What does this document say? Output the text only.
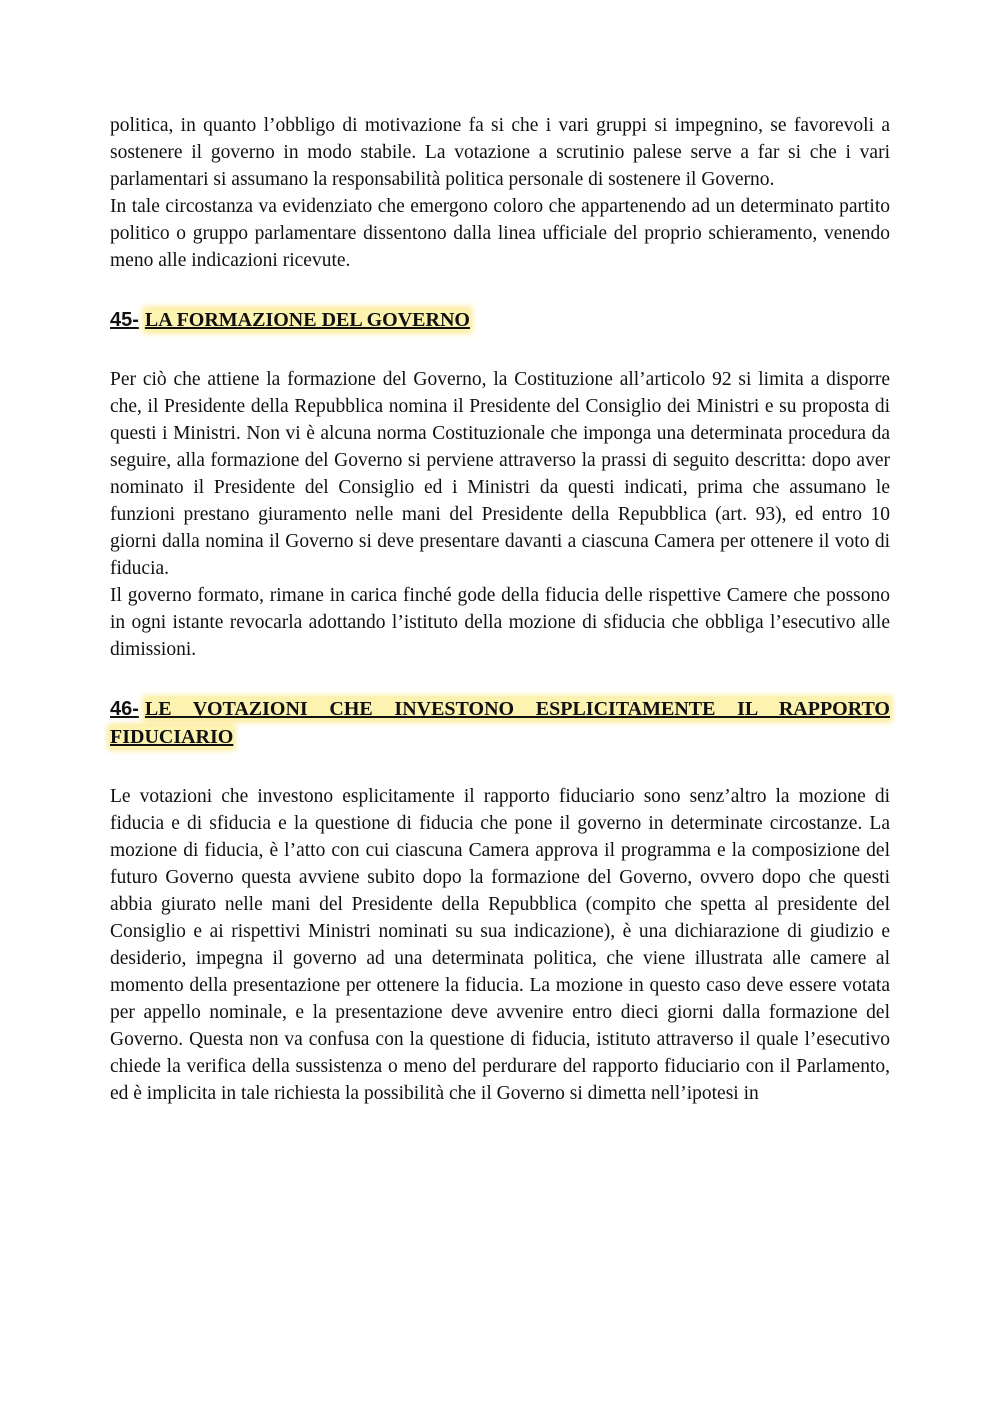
politica, in quanto l’obbligo di motivazione fa si che i vari gruppi si impegnino, se favorevoli a sostenere il governo in modo stabile. La votazione a scrutinio palese serve a far si che i vari parlamentari si assumano la responsabilità politica personale di sostenere il Governo.

In tale circostanza va evidenziato che emergono coloro che appartenendo ad un determinato partito politico o gruppo parlamentare dissentono dalla linea ufficiale del proprio schieramento, venendo meno alle indicazioni ricevute.

45- LA FORMAZIONE DEL GOVERNO

Per ciò che attiene la formazione del Governo, la Costituzione all’articolo 92 si limita a disporre che, il Presidente della Repubblica nomina il Presidente del Consiglio dei Ministri e su proposta di questi i Ministri. Non vi è alcuna norma Costituzionale che imponga una determinata procedura da seguire, alla formazione del Governo si perviene attraverso la prassi di seguito descritta: dopo aver nominato il Presidente del Consiglio ed i Ministri da questi indicati, prima che assumano le funzioni prestano giuramento nelle mani del Presidente della Repubblica (art. 93), ed entro 10 giorni dalla nomina il Governo si deve presentare davanti a ciascuna Camera per ottenere il voto di fiducia.

Il governo formato, rimane in carica finché gode della fiducia delle rispettive Camere che possono in ogni istante revocarla adottando l’istituto della mozione di sfiducia che obbliga l’esecutivo alle dimissioni.

46- LE VOTAZIONI CHE INVESTONO ESPLICITAMENTE IL RAPPORTO FIDUCIARIO

Le votazioni che investono esplicitamente il rapporto fiduciario sono senz’altro la mozione di fiducia e di sfiducia e la questione di fiducia che pone il governo in determinate circostanze. La mozione di fiducia, è l’atto con cui ciascuna Camera approva il programma e la composizione del futuro Governo questa avviene subito dopo la formazione del Governo, ovvero dopo che questi abbia giurato nelle mani del Presidente della Repubblica (compito che spetta al presidente del Consiglio e ai rispettivi Ministri nominati su sua indicazione), è una dichiarazione di giudizio e desiderio, impegna il governo ad una determinata politica, che viene illustrata alle camere al momento della presentazione per ottenere la fiducia. La mozione in questo caso deve essere votata per appello nominale, e la presentazione deve avvenire entro dieci giorni dalla formazione del Governo. Questa non va confusa con la questione di fiducia, istituto attraverso il quale l’esecutivo chiede la verifica della sussistenza o meno del perdurare del rapporto fiduciario con il Parlamento, ed è implicita in tale richiesta la possibilità che il Governo si dimetta nell’ipotesi in
